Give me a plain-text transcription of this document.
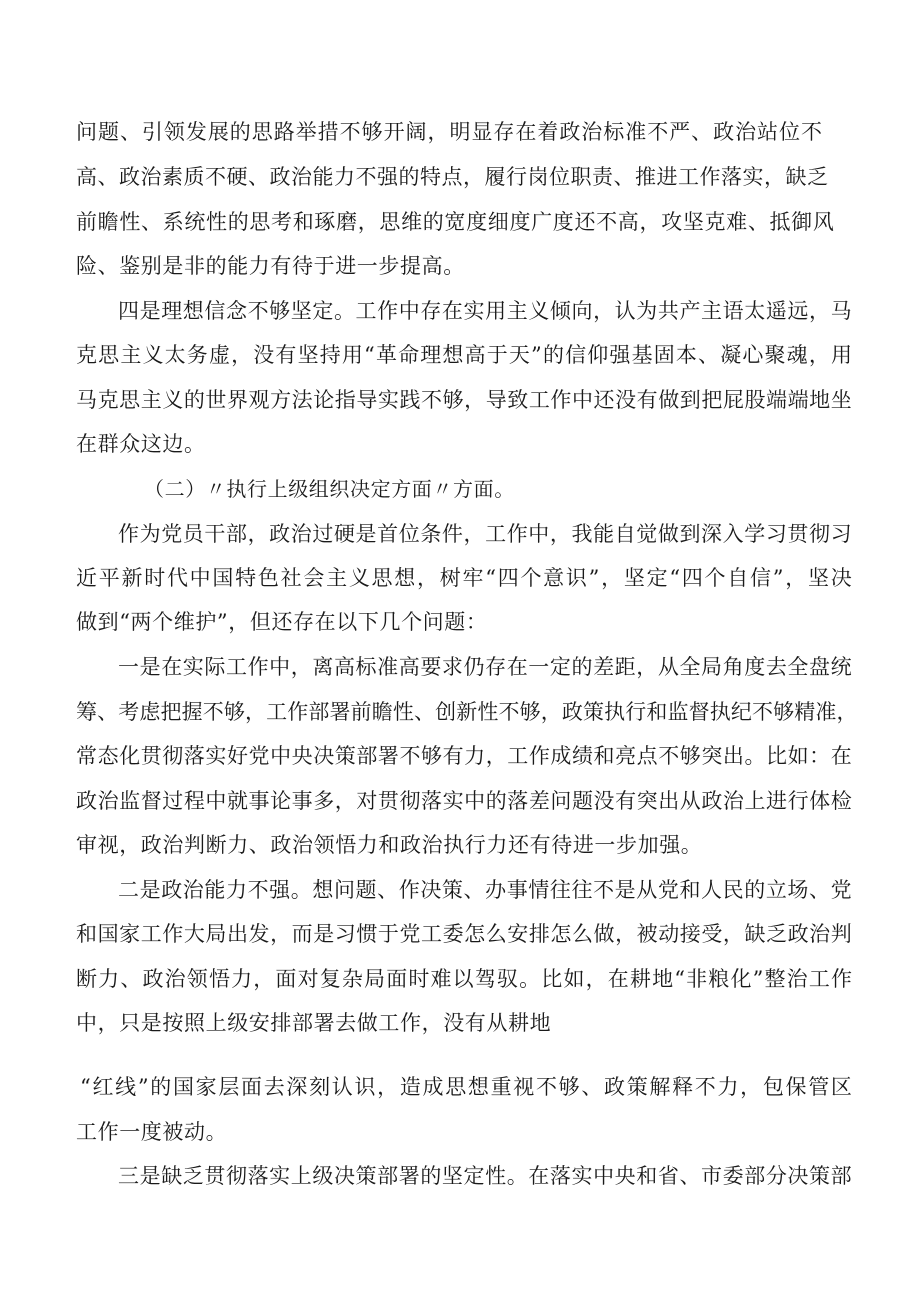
问 题 、 引 领 发 展 的 思 路 举 措 不 够 开 阔 ， 明 显 存 在 着 政 治 标 准 不 严 、 政 治 站 位 不
高 、 政 治 素 质 不 硬 、 政 治 能 力 不 强 的 特 点 ， 履 行 岗 位 职 责 、 推 进 工 作 落 实 ， 缺 乏
前 瞻 性 、 系 统 性 的 思 考 和 琢 磨 ， 思 维 的 宽 度 细 度 广 度 还 不 高 ， 攻 坚 克 难 、 抵 御 风
险、鉴别是非的能力有待于进一步提高。
四 是 理 想 信 念 不 够 坚 定 。 工 作 中 存 在 实 用 主 义 倾 向 ， 认 为 共 产 主 语 太 遥 远 ， 马
克 思 主 义 太 务 虚 ， 没 有 坚 持 用 “ 革 命 理 想 高 于 天 ” 的 信 仰 强 基 固 本 、 凝 心 聚 魂 ， 用
马 克 思 主 义 的 世 界 观 方 法 论 指 导 实 践 不 够 ， 导 致 工 作 中 还 没 有 做 到 把 屁 股 端 端 地 坐
在群众这边。
（二）〃执行上级组织决定方面〃方面。
作 为 党 员 干 部 ， 政 治 过 硬 是 首 位 条 件 ， 工 作 中 ， 我 能 自 觉 做 到 深 入 学 习 贯 彻 习
近 平 新 时 代 中 国 特 色 社 会 主 义 思 想 ， 树 牢 “ 四 个 意 识 ” ， 坚 定 “ 四 个 自 信 ” ， 坚 决
做到“两个维护”，但还存在以下几个问题：
一 是 在 实 际 工 作 中 ， 离 高 标 准 高 要 求 仍 存 在 一 定 的 差 距 ， 从 全 局 角 度 去 全 盘 统
筹 、 考 虑 把 握 不 够 ， 工 作 部 署 前 瞻 性 、 创 新 性 不 够 ， 政 策 执 行 和 监 督 执 纪 不 够 精 准 ，
常 态 化 贯 彻 落 实 好 党 中 央 决 策 部 署 不 够 有 力 ， 工 作 成 绩 和 亮 点 不 够 突 出 。 比 如 ： 在
政 治 监 督 过 程 中 就 事 论 事 多 ， 对 贯 彻 落 实 中 的 落 差 问 题 没 有 突 出 从 政 治 上 进 行 体 检
审视，政治判断力、政治领悟力和政治执行力还有待进一步加强。
二 是 政 治 能 力 不 强 。 想 问 题 、 作 决 策 、 办 事 情 往 往 不 是 从 党 和 人 民 的 立 场 、 党
和 国 家 工 作 大 局 出 发 ， 而 是 习 惯 于 党 工 委 怎 么 安 排 怎 么 做 ， 被 动 接 受 ， 缺 乏 政 治 判
断 力 、 政 治 领 悟 力 ， 面 对 复 杂 局 面 时 难 以 驾 驭 。 比 如 ， 在 耕 地 “ 非 粮 化 ” 整 治 工 作
中，只是按照上级安排部署去做工作，没有从耕地
“ 红 线 ” 的 国 家 层 面 去 深 刻 认 识 ， 造 成 思 想 重 视 不 够 、 政 策 解 释 不 力 ， 包 保 管 区
工作一度被动。
三 是 缺 乏 贯 彻 落 实 上 级 决 策 部 署 的 坚 定 性 。 在 落 实 中 央 和 省 、 市 委 部 分 决 策 部
